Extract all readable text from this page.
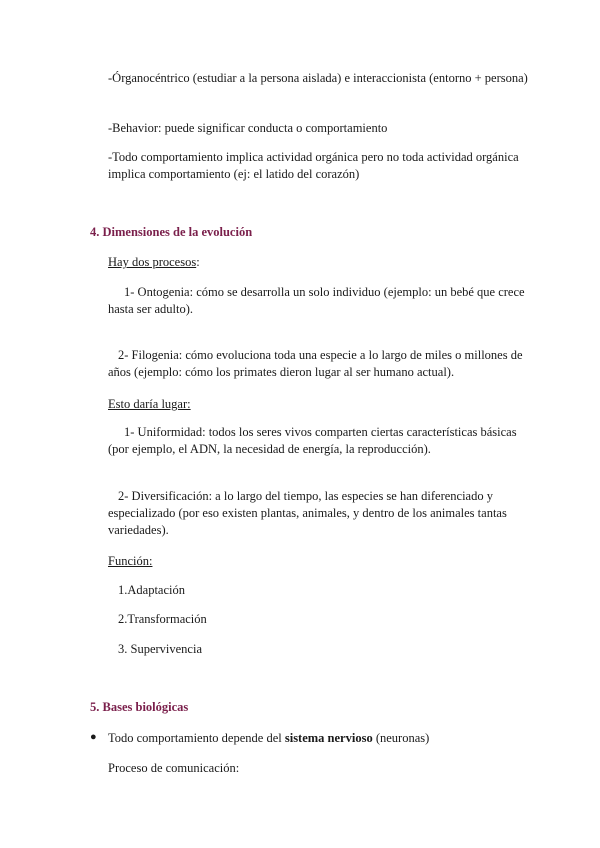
-Órganocéntrico (estudiar a la persona aislada) e interaccionista (entorno + persona)

-Behavior: puede significar conducta o comportamiento

-Todo comportamiento implica actividad orgánica pero no toda actividad orgánica implica comportamiento (ej: el latido del corazón)

4. Dimensiones de la evolución

Hay dos procesos:

1- Ontogenia: cómo se desarrolla un solo individuo (ejemplo: un bebé que crece hasta ser adulto).

2- Filogenia: cómo evoluciona toda una especie a lo largo de miles o millones de años (ejemplo: cómo los primates dieron lugar al ser humano actual).

Esto daría lugar:

1- Uniformidad: todos los seres vivos comparten ciertas características básicas (por ejemplo, el ADN, la necesidad de energía, la reproducción).

2- Diversificación: a lo largo del tiempo, las especies se han diferenciado y especializado (por eso existen plantas, animales, y dentro de los animales tantas variedades).

Función:

1.Adaptación

2.Transformación

3. Supervivencia

5. Bases biológicas
● Todo comportamiento depende del sistema nervioso (neuronas)

Proceso de comunicación:
